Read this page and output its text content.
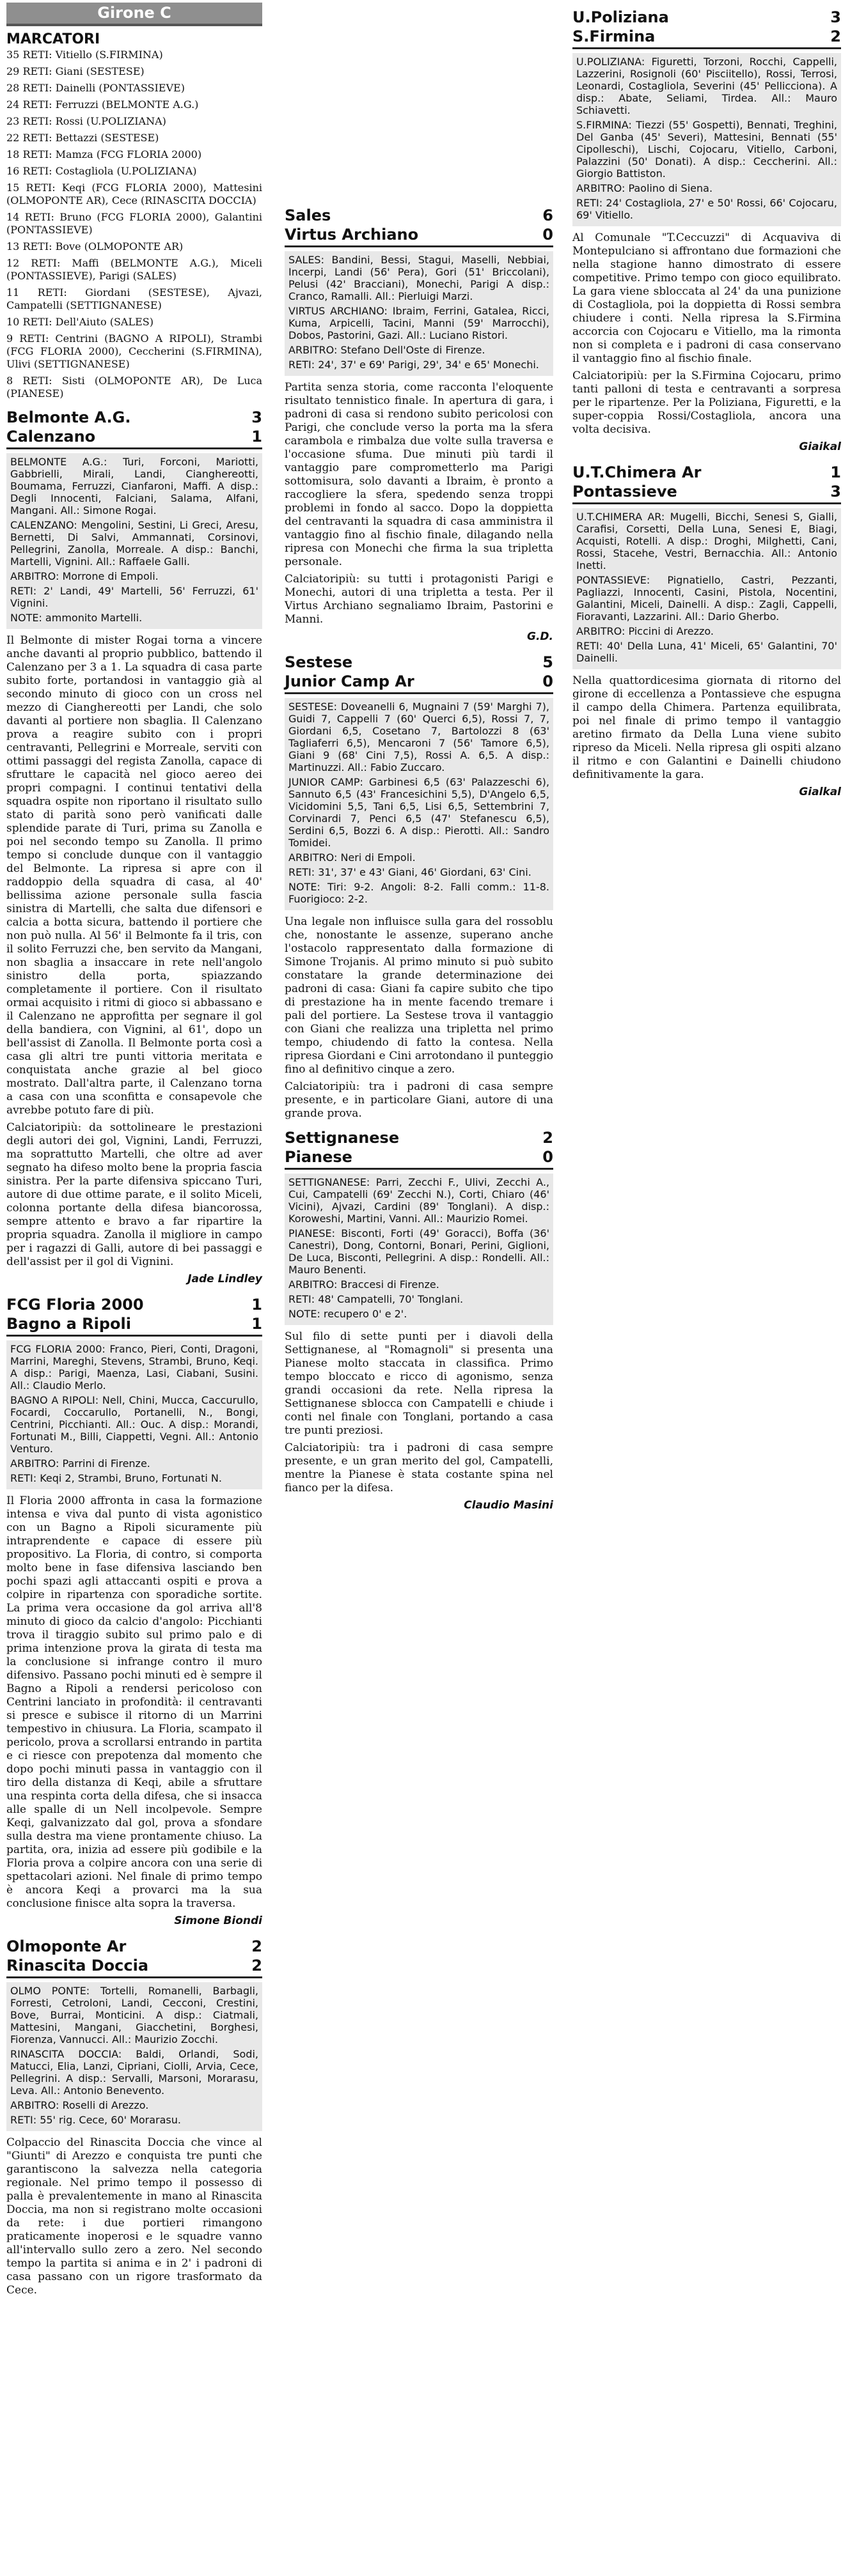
Girone C
MARCATORI

35 RETI: Vitiello (S.FIRMINA)

29 RETI: Giani (SESTESE)

28 RETI: Dainelli (PONTASSIEVE)

24 RETI: Ferruzzi (BELMONTE A.G.)

23 RETI: Rossi (U.POLIZIANA)

22 RETI: Bettazzi (SESTESE)

18 RETI: Mamza (FCG FLORIA 2000)

16 RETI: Costagliola (U.POLIZIANA)

15 RETI: Keqi (FCG FLORIA 2000), Mattesini (OLMOPONTE AR), Cece (RINASCITA DOCCIA)

14 RETI: Bruno (FCG FLORIA 2000), Galantini (PONTASSIEVE)

13 RETI: Bove (OLMOPONTE AR)

12 RETI: Maffi (BELMONTE A.G.), Miceli (PONTASSIEVE), Parigi (SALES)

11 RETI: Giordani (SESTESE), Ajvazi, Campatelli (SETTIGNANESE)

10 RETI: Dell'Aiuto (SALES)

9 RETI: Centrini (BAGNO A RIPOLI), Strambi (FCG FLORIA 2000), Ceccherini (S.FIRMINA), Ulivi (SETTIGNANESE)

8 RETI: Sisti (OLMOPONTE AR), De Luca (PIANESE)

Belmonte A.G.	3
Calenzano	1

BELMONTE A.G.: Turi, Forconi, Mariotti, Gabbrielli, Mirali, Landi, Cianghereotti, Boumama, Ferruzzi, Cianfaroni, Maffi. A disp.: Degli Innocenti, Falciani, Salama, Alfani, Mangani. All.: Simone Rogai.

CALENZANO: Mengolini, Sestini, Li Greci, Aresu, Bernetti, Di Salvi, Ammannati, Corsinovi, Pellegrini, Zanolla, Morreale. A disp.: Banchi, Martelli, Vignini. All.: Raffaele Galli.

ARBITRO: Morrone di Empoli.

RETI: 2' Landi, 49' Martelli, 56' Ferruzzi, 61' Vignini.

NOTE: ammonito Martelli.

Il Belmonte di mister Rogai torna a vincere anche davanti al proprio pubblico, battendo il Calenzano per 3 a 1. La squadra di casa parte subito forte, portandosi in vantaggio già al secondo minuto di gioco con un cross nel mezzo di Cianghereotti per Landi, che solo davanti al portiere non sbaglia. Il Calenzano prova a reagire subito con i propri centravanti, Pellegrini e Morreale, serviti con ottimi passaggi del regista Zanolla, capace di sfruttare le capacità nel gioco aereo dei propri compagni. I continui tentativi della squadra ospite non riportano il risultato sullo stato di parità sono però vanificati dalle splendide parate di Turi, prima su Zanolla e poi nel secondo tempo su Zanolla. Il primo tempo si conclude dunque con il vantaggio del Belmonte. La ripresa si apre con il raddoppio della squadra di casa, al 40' bellissima azione personale sulla fascia sinistra di Martelli, che salta due difensori e calcia a botta sicura, battendo il portiere che non può nulla. Al 56' il Belmonte fa il tris, con il solito Ferruzzi che, ben servito da Mangani, non sbaglia a insaccare in rete nell'angolo sinistro della porta, spiazzando completamente il portiere. Con il risultato ormai acquisito i ritmi di gioco si abbassano e il Calenzano ne approfitta per segnare il gol della bandiera, con Vignini, al 61', dopo un bell'assist di Zanolla. Il Belmonte porta così a casa gli altri tre punti vittoria meritata e conquistata anche grazie al bel gioco mostrato. Dall'altra parte, il Calenzano torna a casa con una sconfitta e consapevole che avrebbe potuto fare di più.

Calciatoripiù: da sottolineare le prestazioni degli autori dei gol, Vignini, Landi, Ferruzzi, ma soprattutto Martelli, che oltre ad aver segnato ha difeso molto bene la propria fascia sinistra. Per la parte difensiva spiccano Turi, autore di due ottime parate, e il solito Miceli, colonna portante della difesa biancorossa, sempre attento e bravo a far ripartire la propria squadra. Zanolla il migliore in campo per i ragazzi di Galli, autore di bei passaggi e dell'assist per il gol di Vignini.

Jade Lindley
FCG Floria 2000	1
Bagno a Ripoli	1

FCG FLORIA 2000: Franco, Pieri, Conti, Dragoni, Marrini, Mareghi, Stevens, Strambi, Bruno, Keqi. A disp.: Parigi, Maenza, Lasi, Ciabani, Susini. All.: Claudio Merlo.

BAGNO A RIPOLI: Nell, Chini, Mucca, Caccurullo, Focardi, Coccarullo, Portanelli, N., Bongi, Centrini, Picchianti. All.: Ouc. A disp.: Morandi, Fortunati M., Billi, Ciappetti, Vegni. All.: Antonio Venturo.

ARBITRO: Parrini di Firenze.

RETI: Keqi 2, Strambi, Bruno, Fortunati N.

Il Floria 2000 affronta in casa la formazione intensa e viva dal punto di vista agonistico con un Bagno a Ripoli sicuramente più intraprendente e capace di essere più propositivo. La Floria, di contro, si comporta molto bene in fase difensiva lasciando ben pochi spazi agli attaccanti ospiti e prova a colpire in ripartenza con sporadiche sortite. La prima vera occasione da gol arriva all'8 minuto di gioco da calcio d'angolo: Picchianti trova il tiraggio subito sul primo palo e di prima intenzione prova la girata di testa ma la conclusione si infrange contro il muro difensivo. Passano pochi minuti ed è sempre il Bagno a Ripoli a rendersi pericoloso con Centrini lanciato in profondità: il centravanti si presce e subisce il ritorno di un Marrini tempestivo in chiusura. La Floria, scampato il pericolo, prova a scrollarsi entrando in partita e ci riesce con prepotenza dal momento che dopo pochi minuti passa in vantaggio con il tiro della distanza di Keqi, abile a sfruttare una respinta corta della difesa, che si insacca alle spalle di un Nell incolpevole. Sempre Keqi, galvanizzato dal gol, prova a sfondare sulla destra ma viene prontamente chiuso. La partita, ora, inizia ad essere più godibile e la Floria prova a colpire ancora con una serie di spettacolari azioni. Nel finale di primo tempo è ancora Keqi a provarci ma la sua conclusione finisce alta sopra la traversa.

Simone Biondi
Olmoponte Ar	2
Rinascita Doccia	2

OLMO PONTE: Tortelli, Romanelli, Barbagli, Forresti, Cetroloni, Landi, Cecconi, Crestini, Bove, Burrai, Monticini. A disp.: Ciatmali, Mattesini, Mangani, Giacchetini, Borghesi, Fiorenza, Vannucci. All.: Maurizio Zocchi.

RINASCITA DOCCIA: Baldi, Orlandi, Sodi, Matucci, Elia, Lanzi, Cipriani, Ciolli, Arvia, Cece, Pellegrini. A disp.: Servalli, Marsoni, Morarasu, Leva. All.: Antonio Benevento.

ARBITRO: Roselli di Arezzo.

RETI: 55' rig. Cece, 60' Morarasu.

Colpaccio del Rinascita Doccia che vince al "Giunti" di Arezzo e conquista tre punti che garantiscono la salvezza nella categoria regionale. Nel primo tempo il possesso di palla è prevalentemente in mano al Rinascita Doccia, ma non si registrano molte occasioni da rete: i due portieri rimangono praticamente inoperosi e le squadre vanno all'intervallo sullo zero a zero. Nel secondo tempo la partita si anima e in 2' i padroni di casa passano con un rigore trasformato da Cece.

Sales	6
Virtus Archiano	0

SALES: Bandini, Bessi, Stagui, Maselli, Nebbiai, Incerpi, Landi (56' Pera), Gori (51' Briccolani), Pelusi (42' Bracciani), Monechi, Parigi A disp.: Cranco, Ramalli. All.: Pierluigi Marzi.

VIRTUS ARCHIANO: Ibraim, Ferrini, Gatalea, Ricci, Kuma, Arpicelli, Tacini, Manni (59' Marrocchi), Dobos, Pastorini, Gazi. All.: Luciano Ristori.

ARBITRO: Stefano Dell'Oste di Firenze.

RETI: 24', 37' e 69' Parigi, 29', 34' e 65' Monechi.

Partita senza storia, come racconta l'eloquente risultato tennistico finale. In apertura di gara, i padroni di casa si rendono subito pericolosi con Parigi, che conclude verso la porta ma la sfera carambola e rimbalza due volte sulla traversa e l'occasione sfuma. Due minuti più tardi il vantaggio pare comprometterlo ma Parigi sottomisura, solo davanti a Ibraim, è pronto a raccogliere la sfera, spedendo senza troppi problemi in fondo al sacco. Dopo la doppietta del centravanti la squadra di casa amministra il vantaggio fino al fischio finale, dilagando nella ripresa con Monechi che firma la sua tripletta personale.

Calciatoripiù: su tutti i protagonisti Parigi e Monechi, autori di una tripletta a testa. Per il Virtus Archiano segnaliamo Ibraim, Pastorini e Manni.

G.D.
Sestese	5
Junior Camp Ar	0

SESTESE: Doveanelli 6, Mugnaini 7 (59' Marghi 7), Guidi 7, Cappelli 7 (60' Querci 6,5), Rossi 7, 7, Giordani 6,5, Cosetano 7, Bartolozzi 8 (63' Tagliaferri 6,5), Mencaroni 7 (56' Tamore 6,5), Giani 9 (68' Cini 7,5), Rossi A. 6,5. A disp.: Martinuzzi. All.: Fabio Zuccaro.

JUNIOR CAMP: Garbinesi 6,5 (63' Palazzeschi 6), Sannuto 6,5 (43' Francesichini 5,5), D'Angelo 6,5, Vicidomini 5,5, Tani 6,5, Lisi 6,5, Settembrini 7, Corvinardi 7, Penci 6,5 (47' Stefanescu 6,5), Serdini 6,5, Bozzi 6. A disp.: Pierotti. All.: Sandro Tomidei.

ARBITRO: Neri di Empoli.

RETI: 31', 37' e 43' Giani, 46' Giordani, 63' Cini.

NOTE: Tiri: 9-2. Angoli: 8-2. Falli comm.: 11-8. Fuorigioco: 2-2.

Una legale non influisce sulla gara del rossoblu che, nonostante le assenze, superano anche l'ostacolo rappresentato dalla formazione di Simone Trojanis. Al primo minuto si può subito constatare la grande determinazione dei padroni di casa: Giani fa capire subito che tipo di prestazione ha in mente facendo tremare i pali del portiere. La Sestese trova il vantaggio con Giani che realizza una tripletta nel primo tempo, chiudendo di fatto la contesa. Nella ripresa Giordani e Cini arrotondano il punteggio fino al definitivo cinque a zero.

Calciatoripiù: tra i padroni di casa sempre presente, e in particolare Giani, autore di una grande prova.

Settignanese	2
Pianese	0

SETTIGNANESE: Parri, Zecchi F., Ulivi, Zecchi A., Cui, Campatelli (69' Zecchi N.), Corti, Chiaro (46' Vicini), Ajvazi, Cardini (89' Tonglani). A disp.: Koroweshi, Martini, Vanni. All.: Maurizio Romei.

PIANESE: Bisconti, Forti (49' Goracci), Boffa (36' Canestri), Dong, Contorni, Bonari, Perini, Giglioni, De Luca, Bisconti, Pellegrini. A disp.: Rondelli. All.: Mauro Benenti.

ARBITRO: Braccesi di Firenze.

RETI: 48' Campatelli, 70' Tonglani.

NOTE: recupero 0' e 2'.

Sul filo di sette punti per i diavoli della Settignanese, al "Romagnoli" si presenta una Pianese molto staccata in classifica. Primo tempo bloccato e ricco di agonismo, senza grandi occasioni da rete. Nella ripresa la Settignanese sblocca con Campatelli e chiude i conti nel finale con Tonglani, portando a casa tre punti preziosi.

Calciatoripiù: tra i padroni di casa sempre presente, e un gran merito del gol, Campatelli, mentre la Pianese è stata costante spina nel fianco per la difesa.

Claudio Masini
U.Poliziana	3
S.Firmina	2

U.POLIZIANA: Figuretti, Torzoni, Rocchi, Cappelli, Lazzerini, Rosignoli (60' Pisciitello), Rossi, Terrosi, Leonardi, Costagliola, Severini (45' Pellicciona). A disp.: Abate, Seliami, Tirdea. All.: Mauro Schiavetti.

S.FIRMINA: Tiezzi (55' Gospetti), Bennati, Treghini, Del Ganba (45' Severi), Mattesini, Bennati (55' Cipolleschi), Lischi, Cojocaru, Vitiello, Carboni, Palazzini (50' Donati). A disp.: Ceccherini. All.: Giorgio Battiston.

ARBITRO: Paolino di Siena.

RETI: 24' Costagliola, 27' e 50' Rossi, 66' Cojocaru, 69' Vitiello.

Al Comunale "T.Ceccuzzi" di Acquaviva di Montepulciano si affrontano due formazioni che nella stagione hanno dimostrato di essere competitive. Primo tempo con gioco equilibrato. La gara viene sbloccata al 24' da una punizione di Costagliola, poi la doppietta di Rossi sembra chiudere i conti. Nella ripresa la S.Firmina accorcia con Cojocaru e Vitiello, ma la rimonta non si completa e i padroni di casa conservano il vantaggio fino al fischio finale.

Calciatoripiù: per la S.Firmina Cojocaru, primo tanti palloni di testa e centravanti a sorpresa per le ripartenze. Per la Poliziana, Figuretti, e la super-coppia Rossi/Costagliola, ancora una volta decisiva.

Giaikal
U.T.Chimera Ar	1
Pontassieve	3

U.T.CHIMERA AR: Mugelli, Bicchi, Senesi S, Gialli, Carafisi, Corsetti, Della Luna, Senesi E, Biagi, Acquisti, Rotelli. A disp.: Droghi, Milghetti, Cani, Rossi, Stacehe, Vestri, Bernacchia. All.: Antonio Inetti.

PONTASSIEVE: Pignatiello, Castri, Pezzanti, Pagliazzi, Innocenti, Casini, Pistola, Nocentini, Galantini, Miceli, Dainelli. A disp.: Zagli, Cappelli, Fioravanti, Lazzarini. All.: Dario Gherbo.

ARBITRO: Piccini di Arezzo.

RETI: 40' Della Luna, 41' Miceli, 65' Galantini, 70' Dainelli.

Nella quattordicesima giornata di ritorno del girone di eccellenza a Pontassieve che espugna il campo della Chimera. Partenza equilibrata, poi nel finale di primo tempo il vantaggio aretino firmato da Della Luna viene subito ripreso da Miceli. Nella ripresa gli ospiti alzano il ritmo e con Galantini e Dainelli chiudono definitivamente la gara.

Gialkal
